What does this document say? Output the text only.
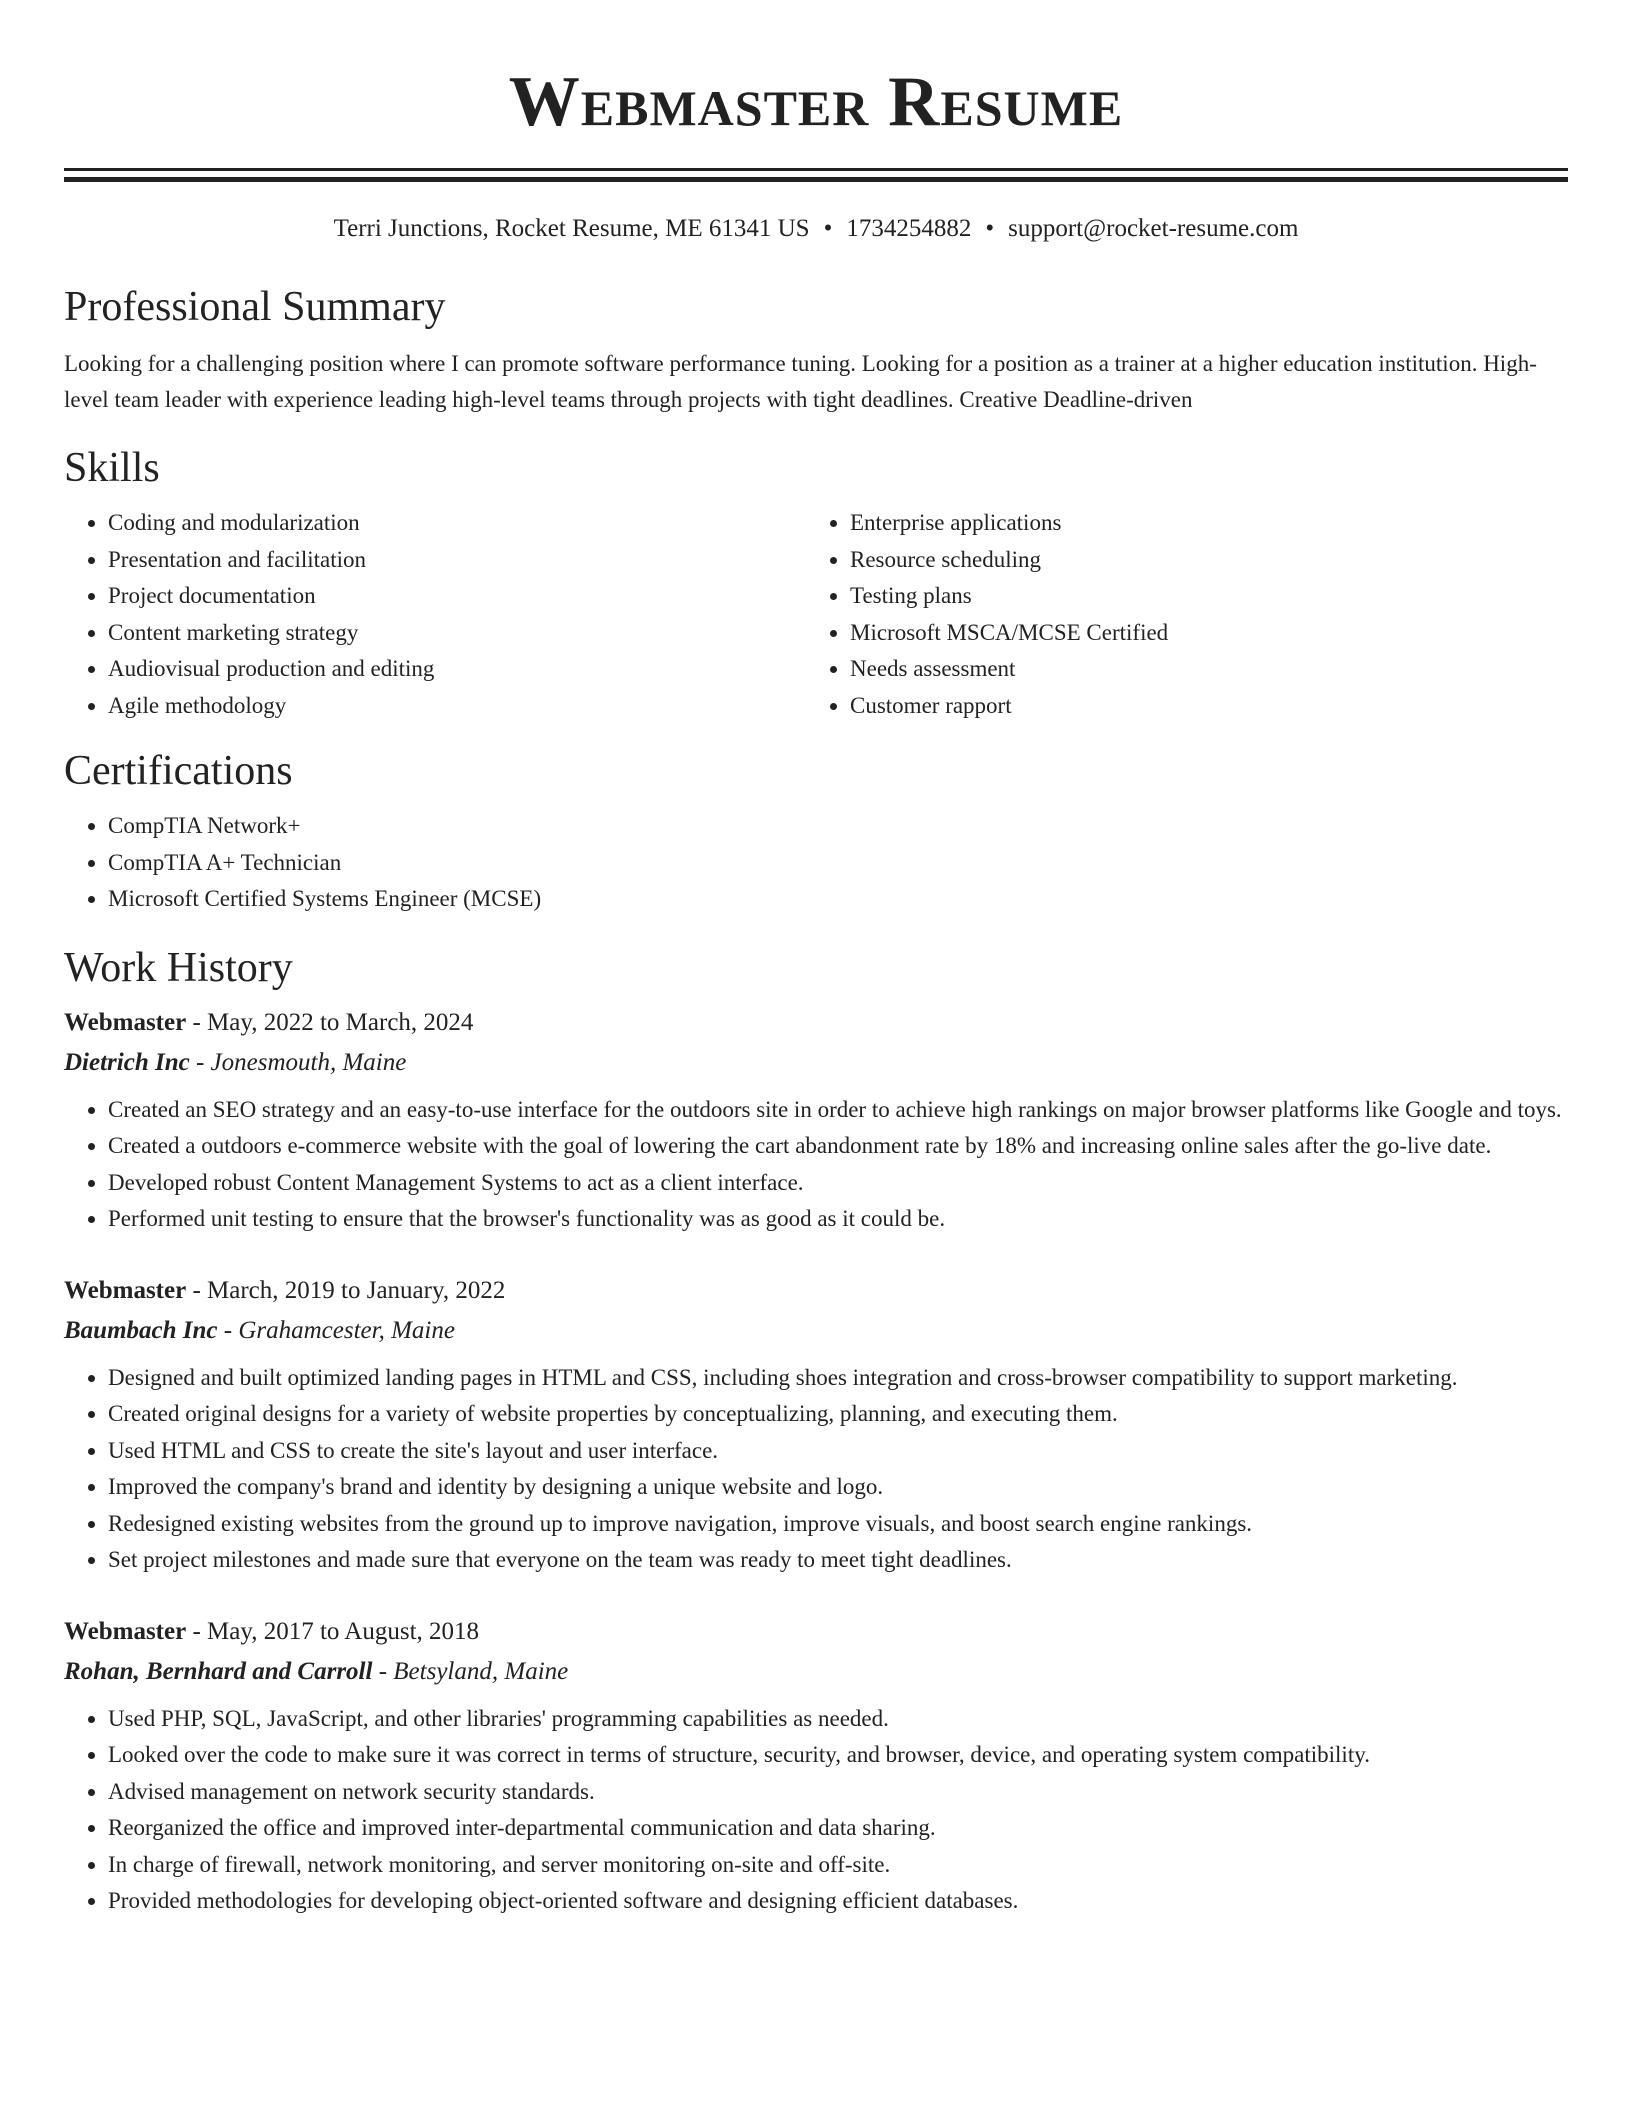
Webmaster Resume
Terri Junctions, Rocket Resume, ME 61341 US • 1734254882 • support@rocket-resume.com
Professional Summary

Looking for a challenging position where I can promote software performance tuning. Looking for a position as a trainer at a higher education institution. High-level team leader with experience leading high-level teams through projects with tight deadlines. Creative Deadline-driven

Skills
• Coding and modularization
• Presentation and facilitation
• Project documentation
• Content marketing strategy
• Audiovisual production and editing
• Agile methodology
• Enterprise applications
• Resource scheduling
• Testing plans
• Microsoft MSCA/MCSE Certified
• Needs assessment
• Customer rapport
Certifications
• CompTIA Network+
• CompTIA A+ Technician
• Microsoft Certified Systems Engineer (MCSE)
Work History
Webmaster - May, 2022 to March, 2024
Dietrich Inc - Jonesmouth, Maine
• Created an SEO strategy and an easy-to-use interface for the outdoors site in order to achieve high rankings on major browser platforms like Google and toys.
• Created a outdoors e-commerce website with the goal of lowering the cart abandonment rate by 18% and increasing online sales after the go-live date.
• Developed robust Content Management Systems to act as a client interface.
• Performed unit testing to ensure that the browser's functionality was as good as it could be.
Webmaster - March, 2019 to January, 2022
Baumbach Inc - Grahamcester, Maine
• Designed and built optimized landing pages in HTML and CSS, including shoes integration and cross-browser compatibility to support marketing.
• Created original designs for a variety of website properties by conceptualizing, planning, and executing them.
• Used HTML and CSS to create the site's layout and user interface.
• Improved the company's brand and identity by designing a unique website and logo.
• Redesigned existing websites from the ground up to improve navigation, improve visuals, and boost search engine rankings.
• Set project milestones and made sure that everyone on the team was ready to meet tight deadlines.
Webmaster - May, 2017 to August, 2018
Rohan, Bernhard and Carroll - Betsyland, Maine
• Used PHP, SQL, JavaScript, and other libraries' programming capabilities as needed.
• Looked over the code to make sure it was correct in terms of structure, security, and browser, device, and operating system compatibility.
• Advised management on network security standards.
• Reorganized the office and improved inter-departmental communication and data sharing.
• In charge of firewall, network monitoring, and server monitoring on-site and off-site.
• Provided methodologies for developing object-oriented software and designing efficient databases.
